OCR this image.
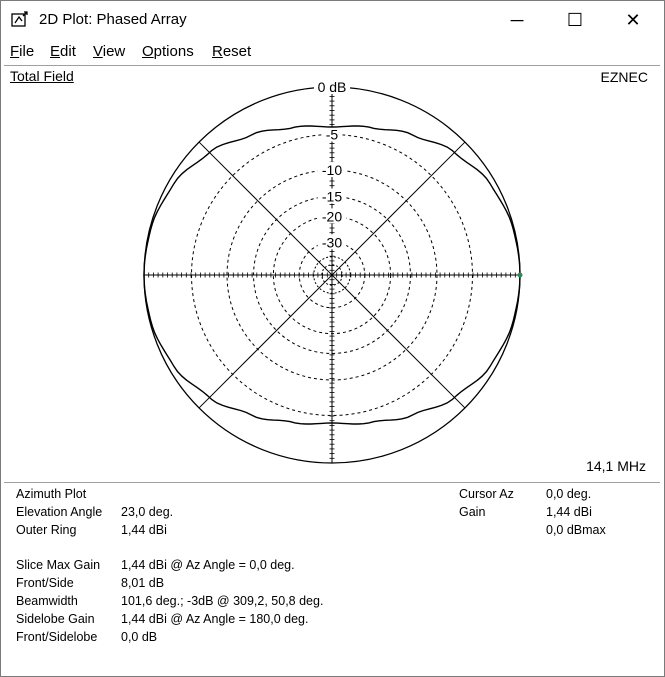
2D Plot: Phased Array	─ ☐ ✕
File Edit View Options Reset
0 dB
-5
-10
-15
-20
-30
Total Field	EZNEC
14,1 MHz
Azimuth Plot
Elevation Angle 23,0 deg.
Outer Ring	1,44 dBi
Slice Max Gain 1,44 dBi @ Az Angle = 0,0 deg.
Front/Side	8,01 dB
Beamwidth	101,6 deg.; -3dB @ 309,2, 50,8 deg.
Sidelobe Gain 1,44 dBi @ Az Angle = 180,0 deg.
Front/Sidelobe 0,0 dB
Cursor Az	0,0 deg.
Gain	1,44 dBi
0,0 dBmax
